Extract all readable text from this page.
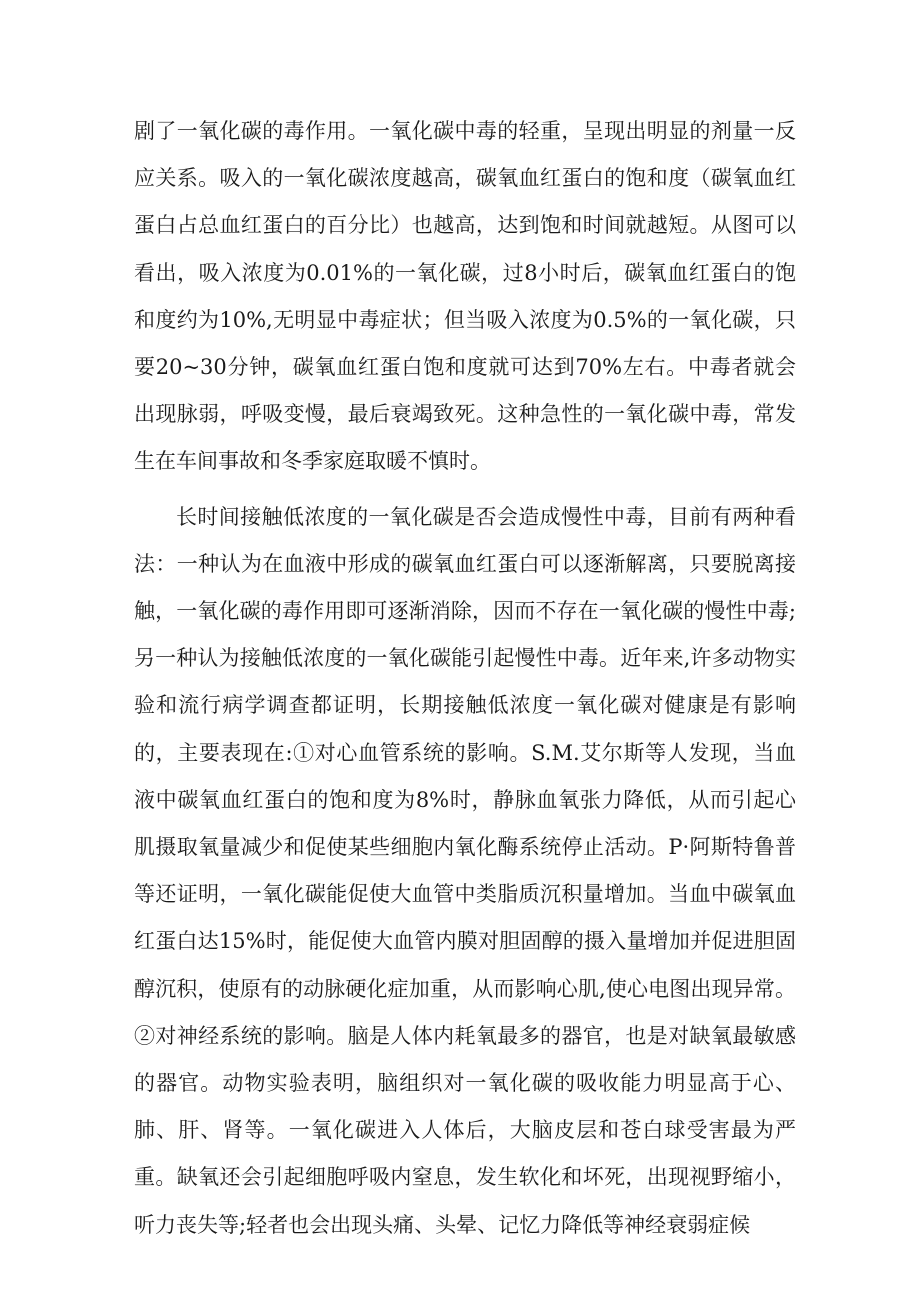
剧了一氧化碳的毒作用。一氧化碳中毒的轻重，呈现出明显的剂量一反应关系。吸入的一氧化碳浓度越高，碳氧血红蛋白的饱和度（碳氧血红蛋白占总血红蛋白的百分比）也越高，达到饱和时间就越短。从图可以看出，吸入浓度为0.01%的一氧化碳，过8小时后，碳氧血红蛋白的饱和度约为10%,无明显中毒症状；但当吸入浓度为0.5%的一氧化碳，只要20~30分钟，碳氧血红蛋白饱和度就可达到70%左右。中毒者就会出现脉弱，呼吸变慢，最后衰竭致死。这种急性的一氧化碳中毒，常发生在车间事故和冬季家庭取暖不慎时。

长时间接触低浓度的一氧化碳是否会造成慢性中毒，目前有两种看法：一种认为在血液中形成的碳氧血红蛋白可以逐渐解离，只要脱离接触，一氧化碳的毒作用即可逐渐消除，因而不存在一氧化碳的慢性中毒;另一种认为接触低浓度的一氧化碳能引起慢性中毒。近年来,许多动物实验和流行病学调查都证明，长期接触低浓度一氧化碳对健康是有影响的，主要表现在:①对心血管系统的影响。S.M.艾尔斯等人发现，当血液中碳氧血红蛋白的饱和度为8%时，静脉血氧张力降低，从而引起心肌摄取氧量减少和促使某些细胞内氧化酶系统停止活动。P·阿斯特鲁普等还证明，一氧化碳能促使大血管中类脂质沉积量增加。当血中碳氧血红蛋白达15%时，能促使大血管内膜对胆固醇的摄入量增加并促进胆固醇沉积，使原有的动脉硬化症加重，从而影响心肌,使心电图出现异常。②对神经系统的影响。脑是人体内耗氧最多的器官，也是对缺氧最敏感的器官。动物实验表明，脑组织对一氧化碳的吸收能力明显高于心、肺、肝、肾等。一氧化碳进入人体后，大脑皮层和苍白球受害最为严重。缺氧还会引起细胞呼吸内窒息，发生软化和坏死，出现视野缩小，听力丧失等;轻者也会出现头痛、头晕、记忆力降低等神经衰弱症候
